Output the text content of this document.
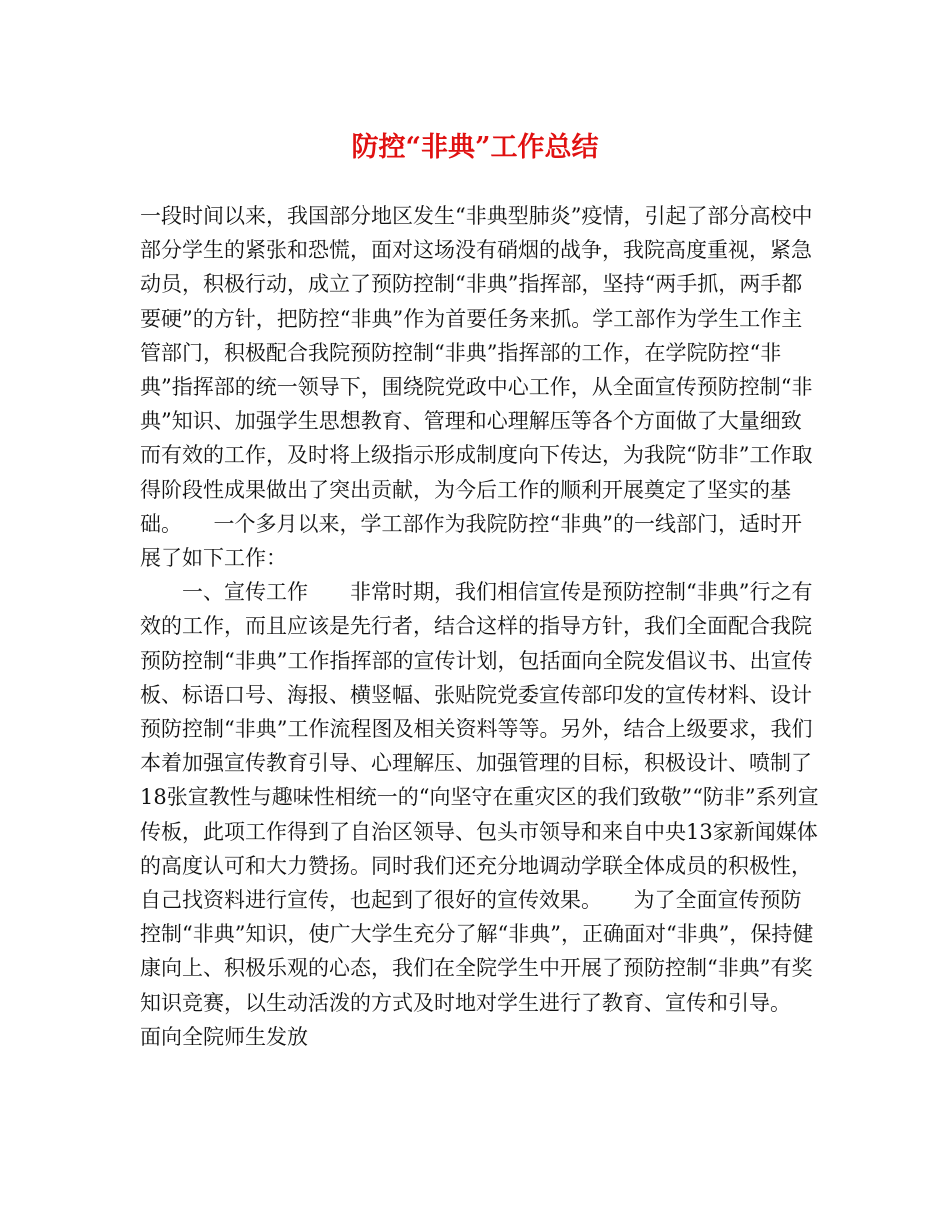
防控“非典”工作总结

一段时间以来，我国部分地区发生“非典型肺炎”疫情，引起了部分高校中部分学生的紧张和恐慌，面对这场没有硝烟的战争，我院高度重视，紧急动员，积极行动，成立了预防控制“非典”指挥部，坚持“两手抓，两手都要硬”的方针，把防控“非典”作为首要任务来抓。学工部作为学生工作主管部门，积极配合我院预防控制“非典”指挥部的工作，在学院防控“非典”指挥部的统一领导下，围绕院党政中心工作，从全面宣传预防控制“非典”知识、加强学生思想教育、管理和心理解压等各个方面做了大量细致而有效的工作，及时将上级指示形成制度向下传达，为我院“防非”工作取得阶段性成果做出了突出贡献，为今后工作的顺利开展奠定了坚实的基础。　　一个多月以来，学工部作为我院防控“非典”的一线部门，适时开展了如下工作：

一、宣传工作　　非常时期，我们相信宣传是预防控制“非典”行之有效的工作，而且应该是先行者，结合这样的指导方针，我们全面配合我院预防控制“非典”工作指挥部的宣传计划，包括面向全院发倡议书、出宣传板、标语口号、海报、横竖幅、张贴院党委宣传部印发的宣传材料、设计预防控制“非典”工作流程图及相关资料等等。另外，结合上级要求，我们本着加强宣传教育引导、心理解压、加强管理的目标，积极设计、喷制了18张宣教性与趣味性相统一的“向坚守在重灾区的我们致敬”“防非”系列宣传板，此项工作得到了自治区领导、包头市领导和来自中央13家新闻媒体的高度认可和大力赞扬。同时我们还充分地调动学联全体成员的积极性，自己找资料进行宣传，也起到了很好的宣传效果。　　为了全面宣传预防控制“非典”知识，使广大学生充分了解“非典”，正确面对“非典”，保持健康向上、积极乐观的心态，我们在全院学生中开展了预防控制“非典”有奖知识竞赛，以生动活泼的方式及时地对学生进行了教育、宣传和引导。　　面向全院师生发放
